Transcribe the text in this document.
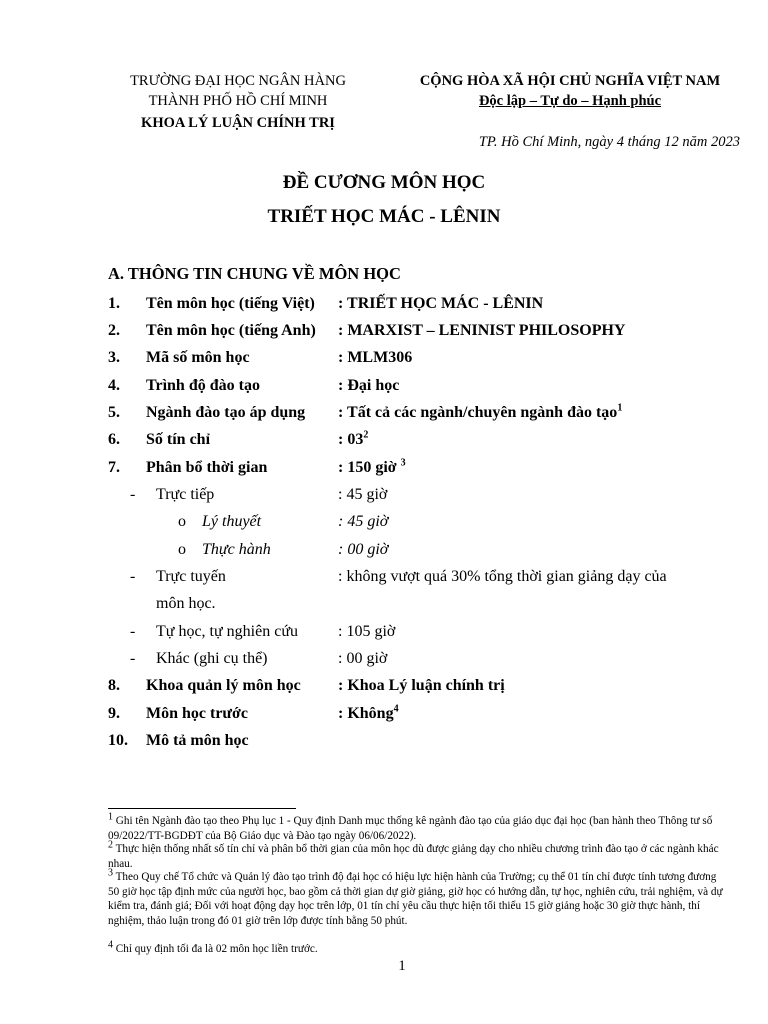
TRƯỜNG ĐẠI HỌC NGÂN HÀNG
THÀNH PHỐ HỒ CHÍ MINH
KHOA LÝ LUẬN CHÍNH TRỊ
CỘNG HÒA XÃ HỘI CHỦ NGHĨA VIỆT NAM
Độc lập – Tự do – Hạnh phúc
TP. Hồ Chí Minh, ngày 4 tháng 12 năm 2023
ĐỀ CƯƠNG MÔN HỌC
TRIẾT HỌC MÁC - LÊNIN
A. THÔNG TIN CHUNG VỀ MÔN HỌC
1. Tên môn học (tiếng Việt) : TRIẾT HỌC MÁC - LÊNIN
2. Tên môn học (tiếng Anh) : MARXIST – LENINIST PHILOSOPHY
3. Mã số môn học	: MLM306
4. Trình độ đào tạo	: Đại học
5. Ngành đào tạo áp dụng : Tất cả các ngành/chuyên ngành đào tạo$^1$
6. Số tín chỉ	: $03^2$
7. Phân bổ thời gian	: 150 giờ $^3$
- Trực tiếp	: 45 giờ
o Lý thuyết	: 45 giờ
o Thực hành	: 00 giờ
- Trực tuyến	: không vượt quá 30% tổng thời gian giảng dạy của
môn học.
- Tự học, tự nghiên cứu	: 105 giờ
- Khác (ghi cụ thể)	: 00 giờ
8. Khoa quản lý môn học : Khoa Lý luận chính trị
9. Môn học trước	: Không$^4$
10. Mô tả môn học
$^1$ Ghi tên Ngành đào tạo theo Phụ lục 1 - Quy định Danh mục thống kê ngành đào tạo của giáo dục đại học (ban hành theo Thông tư số 09/2022/TT-BGDĐT của Bộ Giáo dục và Đào tạo ngày 06/06/2022).
$^2$ Thực hiện thống nhất số tín chỉ và phân bổ thời gian của môn học dù được giảng dạy cho nhiều chương trình đào tạo ở các ngành khác nhau.
$^3$ Theo Quy chế Tổ chức và Quản lý đào tạo trình độ đại học có hiệu lực hiện hành của Trường; cụ thể 01 tín chỉ được tính tương đương 50 giờ học tập định mức của người học, bao gồm cả thời gian dự giờ giảng, giờ học có hướng dẫn, tự học, nghiên cứu, trải nghiệm, và dự kiểm tra, đánh giá; Đối với hoạt động dạy học trên lớp, 01 tín chỉ yêu cầu thực hiện tối thiểu 15 giờ giảng hoặc 30 giờ thực hành, thí nghiệm, thảo luận trong đó 01 giờ trên lớp được tính bằng 50 phút.
$^4$ Chỉ quy định tối đa là 02 môn học liền trước.
1
